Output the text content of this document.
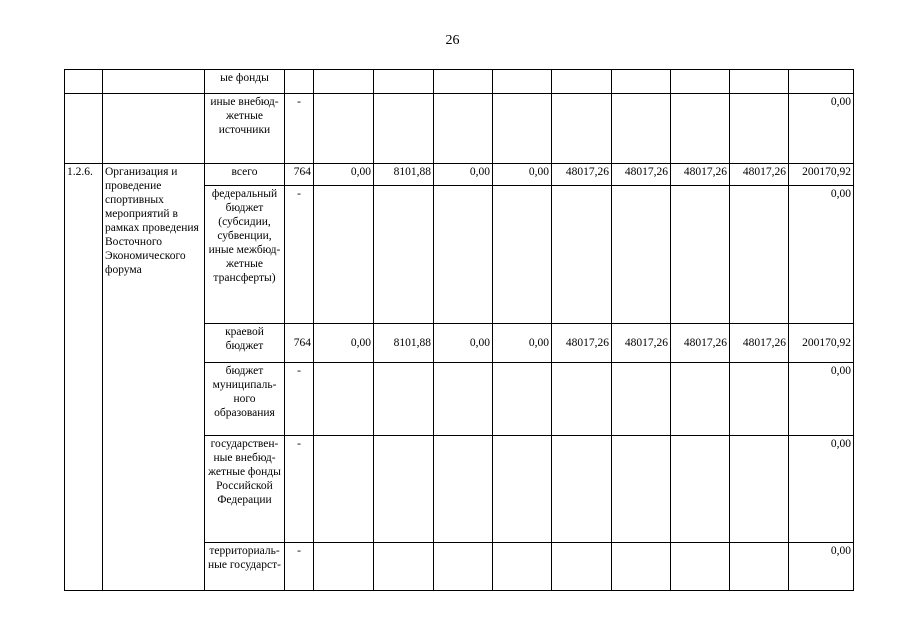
26
		ые фонды										
		иные внебюд-жетные источники	-									0,00
1.2.6.	Организация и проведение спортивных мероприятий в рамках проведения Восточного Экономического форума	всего	764	0,00	8101,88	0,00	0,00	48017,26	48017,26	48017,26	48017,26	200170,92
		федеральный бюджет (субсидии, субвенции, иные межбюд-жетные трансферты)	-									0,00
		краевой бюджет	764	0,00	8101,88	0,00	0,00	48017,26	48017,26	48017,26	48017,26	200170,92
		бюджет муниципаль-ного образования	-									0,00
		государствен-ные внебюд-жетные фонды Российской Федерации	-									0,00
		территориаль-ные государст-	-									0,00
